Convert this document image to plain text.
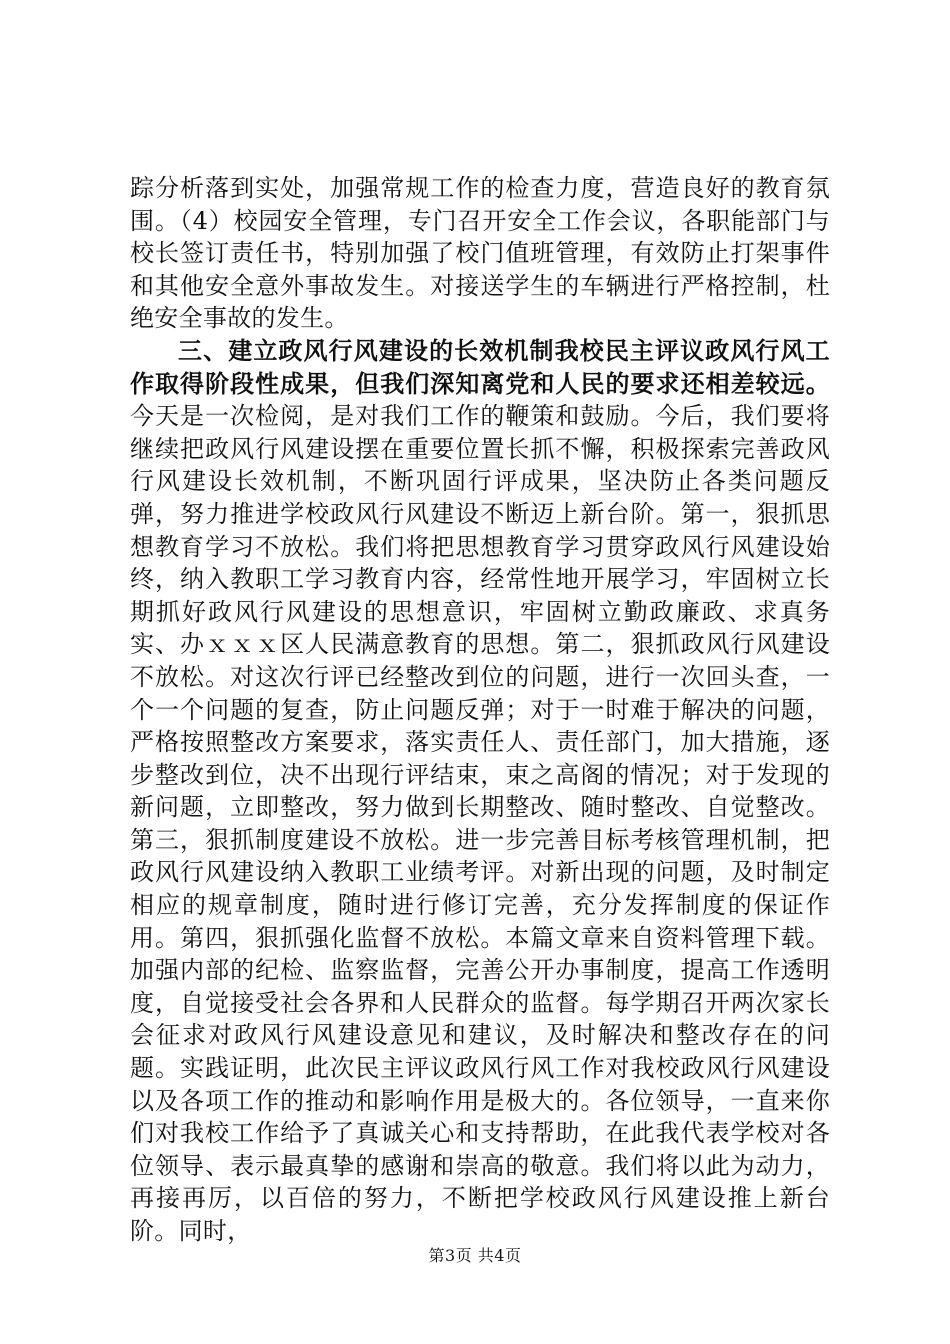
踪分析落到实处，加强常规工作的检查力度，营造良好的教育氛围。（4）校园安全管理，专门召开安全工作会议，各职能部门与校长签订责任书，特别加强了校门值班管理，有效防止打架事件和其他安全意外事故发生。对接送学生的车辆进行严格控制，杜绝安全事故的发生。

三、建立政风行风建设的长效机制我校民主评议政风行风工作取得阶段性成果，但我们深知离党和人民的要求还相差较远。今天是一次检阅，是对我们工作的鞭策和鼓励。今后，我们要将继续把政风行风建设摆在重要位置长抓不懈，积极探索完善政风行风建设长效机制，不断巩固行评成果，坚决防止各类问题反弹，努力推进学校政风行风建设不断迈上新台阶。第一，狠抓思想教育学习不放松。我们将把思想教育学习贯穿政风行风建设始终，纳入教职工学习教育内容，经常性地开展学习，牢固树立长期抓好政风行风建设的思想意识，牢固树立勤政廉政、求真务实、办ｘｘｘ区人民满意教育的思想。第二，狠抓政风行风建设不放松。对这次行评已经整改到位的问题，进行一次回头查，一个一个问题的复查，防止问题反弹；对于一时难于解决的问题，严格按照整改方案要求，落实责任人、责任部门，加大措施，逐步整改到位，决不出现行评结束，束之高阁的情况；对于发现的新问题，立即整改，努力做到长期整改、随时整改、自觉整改。第三，狠抓制度建设不放松。进一步完善目标考核管理机制，把政风行风建设纳入教职工业绩考评。对新出现的问题，及时制定相应的规章制度，随时进行修订完善，充分发挥制度的保证作用。第四，狠抓强化监督不放松。本篇文章来自资料管理下载。加强内部的纪检、监察监督，完善公开办事制度，提高工作透明度，自觉接受社会各界和人民群众的监督。每学期召开两次家长会征求对政风行风建设意见和建议，及时解决和整改存在的问题。实践证明，此次民主评议政风行风工作对我校政风行风建设以及各项工作的推动和影响作用是极大的。各位领导，一直来你们对我校工作给予了真诚关心和支持帮助，在此我代表学校对各位领导、表示最真挚的感谢和崇高的敬意。我们将以此为动力，再接再厉，以百倍的努力，不断把学校政风行风建设推上新台阶。同时，

第3页 共4页
